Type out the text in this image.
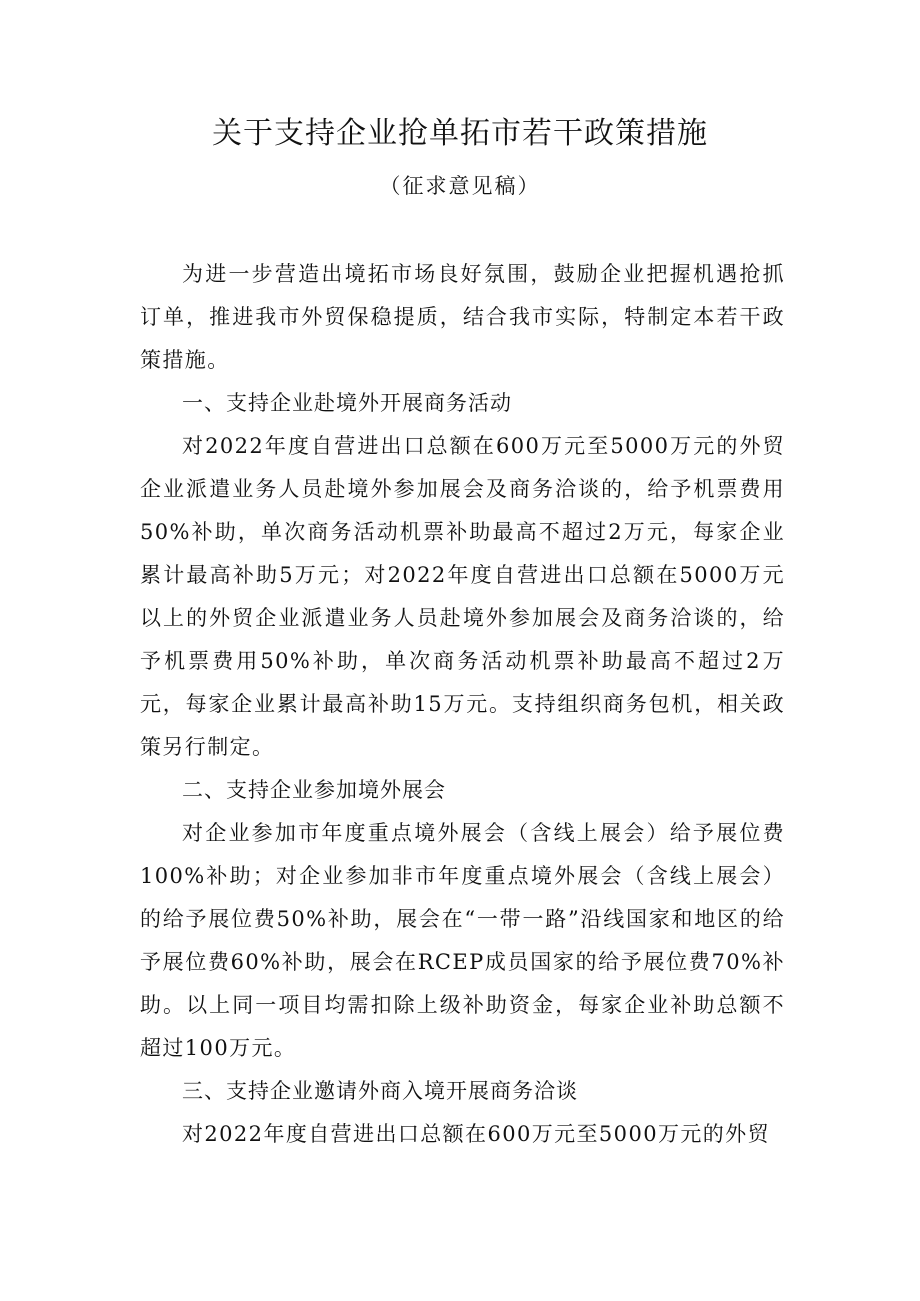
关于支持企业抢单拓市若干政策措施
（征求意见稿）

为进一步营造出境拓市场良好氛围，鼓励企业把握机遇抢抓订单，推进我市外贸保稳提质，结合我市实际，特制定本若干政策措施。

一、支持企业赴境外开展商务活动

对2022年度自营进出口总额在600万元至5000万元的外贸企业派遣业务人员赴境外参加展会及商务洽谈的，给予机票费用50%补助，单次商务活动机票补助最高不超过2万元，每家企业累计最高补助5万元；对2022年度自营进出口总额在5000万元以上的外贸企业派遣业务人员赴境外参加展会及商务洽谈的，给予机票费用50%补助，单次商务活动机票补助最高不超过2万元，每家企业累计最高补助15万元。支持组织商务包机，相关政策另行制定。

二、支持企业参加境外展会

对企业参加市年度重点境外展会（含线上展会）给予展位费100%补助；对企业参加非市年度重点境外展会（含线上展会）的给予展位费50%补助，展会在“一带一路”沿线国家和地区的给予展位费60%补助，展会在RCEP成员国家的给予展位费70%补助。以上同一项目均需扣除上级补助资金，每家企业补助总额不超过100万元。

三、支持企业邀请外商入境开展商务洽谈

对2022年度自营进出口总额在600万元至5000万元的外贸
